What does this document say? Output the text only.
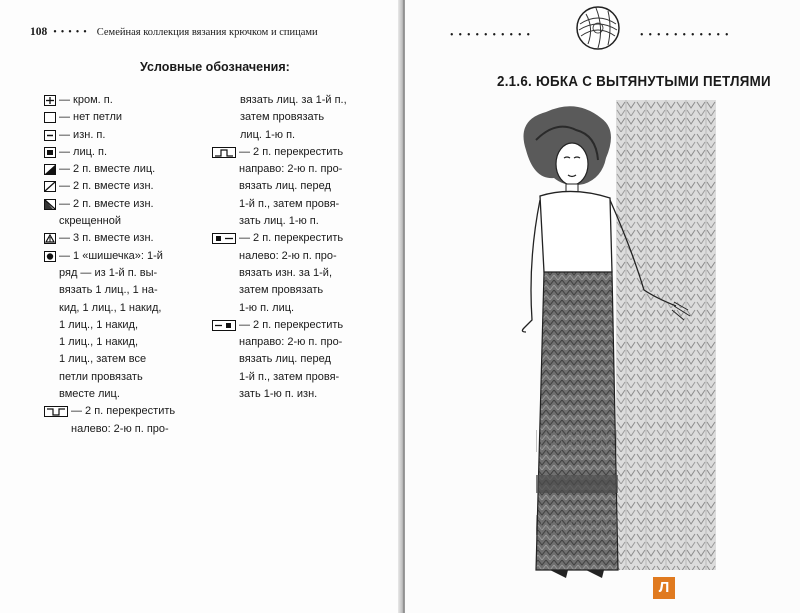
108 ••••• Семейная коллекция вязания крючком и спицами
Условные обозначения:
— кром. п.
— нет петли
— изн. п.
— лиц. п.
— 2 п. вместе лиц.
— 2 п. вместе изн.
— 2 п. вместе изн.
скрещенной
— 3 п. вместе изн.
— 1 «шишечка»: 1-й
ряд — из 1-й п. вы-
вязать 1 лиц., 1 на-
кид, 1 лиц., 1 накид,
1 лиц., 1 накид,
1 лиц., 1 накид,
1 лиц., затем все
петли провязать
вместе лиц.
— 2 п. перекрестить
налево: 2-ю п. про-
вязать лиц. за 1-й п.,
затем провязать
лиц. 1-ю п.
— 2 п. перекрестить
направо: 2-ю п. про-
вязать лиц. перед
1-й п., затем провя-
зать лиц. 1-ю п.
— 2 п. перекрестить
налево: 2-ю п. про-
вязать изн. за 1-й,
затем провязать
1-ю п. лиц.
— 2 п. перекрестить
направо: 2-ю п. про-
вязать лиц. перед
1-й п., затем провя-
зать 1-ю п. изн.
••••••••••	•••••••••••
2.1.6. ЮБКА С ВЫТЯНУТЫМИ ПЕТЛЯМИ
Л
